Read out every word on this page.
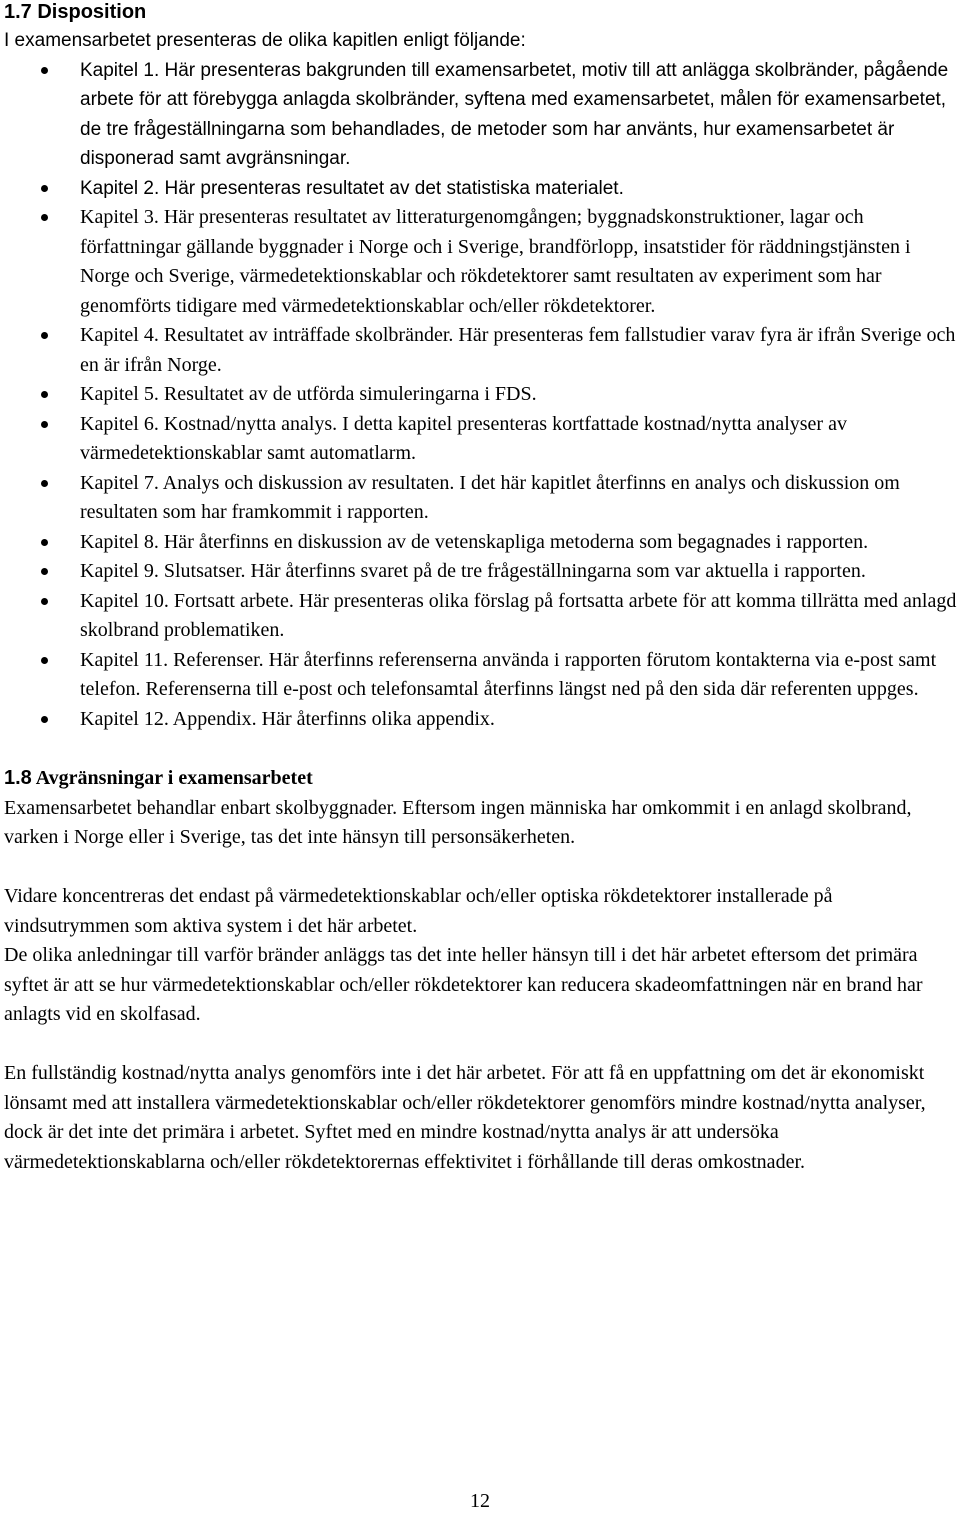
1.7 Disposition

I examensarbetet presenteras de olika kapitlen enligt följande:

Kapitel 1. Här presenteras bakgrunden till examensarbetet, motiv till att anlägga skolbränder, pågående arbete för att förebygga anlagda skolbränder, syftena med examensarbetet, målen för examensarbetet, de tre frågeställningarna som behandlades, de metoder som har använts, hur examensarbetet är disponerad samt avgränsningar.
Kapitel 2. Här presenteras resultatet av det statistiska materialet.
Kapitel 3. Här presenteras resultatet av litteraturgenomgången; byggnadskonstruktioner, lagar och författningar gällande byggnader i Norge och i Sverige, brandförlopp, insatstider för räddningstjänsten i Norge och Sverige, värmedetektionskablar och rökdetektorer samt resultaten av experiment som har genomförts tidigare med värmedetektionskablar och/eller rökdetektorer.
Kapitel 4. Resultatet av inträffade skolbränder. Här presenteras fem fallstudier varav fyra är ifrån Sverige och en är ifrån Norge.
Kapitel 5. Resultatet av de utförda simuleringarna i FDS.
Kapitel 6. Kostnad/nytta analys. I detta kapitel presenteras kortfattade kostnad/nytta analyser av värmedetektionskablar samt automatlarm.
Kapitel 7. Analys och diskussion av resultaten. I det här kapitlet återfinns en analys och diskussion om resultaten som har framkommit i rapporten.
Kapitel 8. Här återfinns en diskussion av de vetenskapliga metoderna som begagnades i rapporten.
Kapitel 9. Slutsatser. Här återfinns svaret på de tre frågeställningarna som var aktuella i rapporten.
Kapitel 10. Fortsatt arbete. Här presenteras olika förslag på fortsatta arbete för att komma tillrätta med anlagd skolbrand problematiken.
Kapitel 11. Referenser. Här återfinns referenserna använda i rapporten förutom kontakterna via e-post samt telefon. Referenserna till e-post och telefonsamtal återfinns längst ned på den sida där referenten uppges.
Kapitel 12. Appendix. Här återfinns olika appendix.
1.8 Avgränsningar i examensarbetet

Examensarbetet behandlar enbart skolbyggnader. Eftersom ingen människa har omkommit i en anlagd skolbrand, varken i Norge eller i Sverige, tas det inte hänsyn till personsäkerheten.

Vidare koncentreras det endast på värmedetektionskablar och/eller optiska rökdetektorer installerade på vindsutrymmen som aktiva system i det här arbetet.

De olika anledningar till varför bränder anläggs tas det inte heller hänsyn till i det här arbetet eftersom det primära syftet är att se hur värmedetektionskablar och/eller rökdetektorer kan reducera skadeomfattningen när en brand har anlagts vid en skolfasad.

En fullständig kostnad/nytta analys genomförs inte i det här arbetet. För att få en uppfattning om det är ekonomiskt lönsamt med att installera värmedetektionskablar och/eller rökdetektorer genomförs mindre kostnad/nytta analyser, dock är det inte det primära i arbetet. Syftet med en mindre kostnad/nytta analys är att undersöka värmedetektionskablarna och/eller rökdetektorernas effektivitet i förhållande till deras omkostnader.

12
